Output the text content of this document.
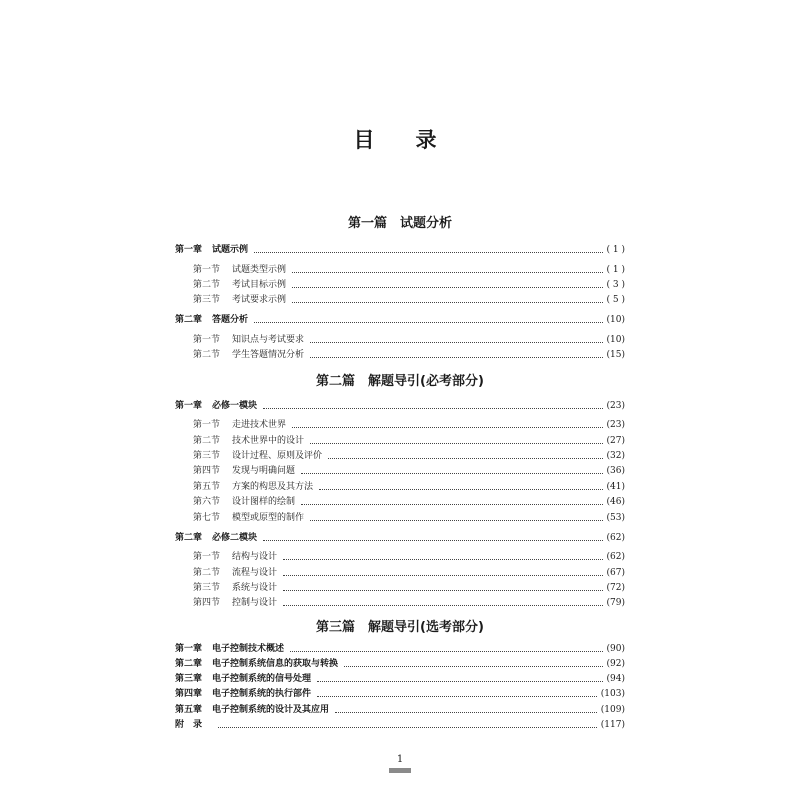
目　录
第一篇　试题分析
第一章 试题示例	( 1 )
第一节 试题类型示例	( 1 )
第二节 考试目标示例	( 3 )
第三节 考试要求示例	( 5 )
第二章 答题分析	(10)
第一节 知识点与考试要求	(10)
第二节 学生答题情况分析	(15)
第二篇　解题导引(必考部分)
第一章 必修一模块	(23)
第一节 走进技术世界	(23)
第二节 技术世界中的设计	(27)
第三节 设计过程、原则及评价	(32)
第四节 发现与明确问题	(36)
第五节 方案的构思及其方法	(41)
第六节 设计图样的绘制	(46)
第七节 模型或原型的制作	(53)
第二章 必修二模块	(62)
第一节 结构与设计	(62)
第二节 流程与设计	(67)
第三节 系统与设计	(72)
第四节 控制与设计	(79)
第三篇　解题导引(选考部分)
第一章 电子控制技术概述	(90)
第二章 电子控制系统信息的获取与转换	(92)
第三章 电子控制系统的信号处理	(94)
第四章 电子控制系统的执行部件	(103)
第五章 电子控制系统的设计及其应用	(109)
附　录	(117)
1
